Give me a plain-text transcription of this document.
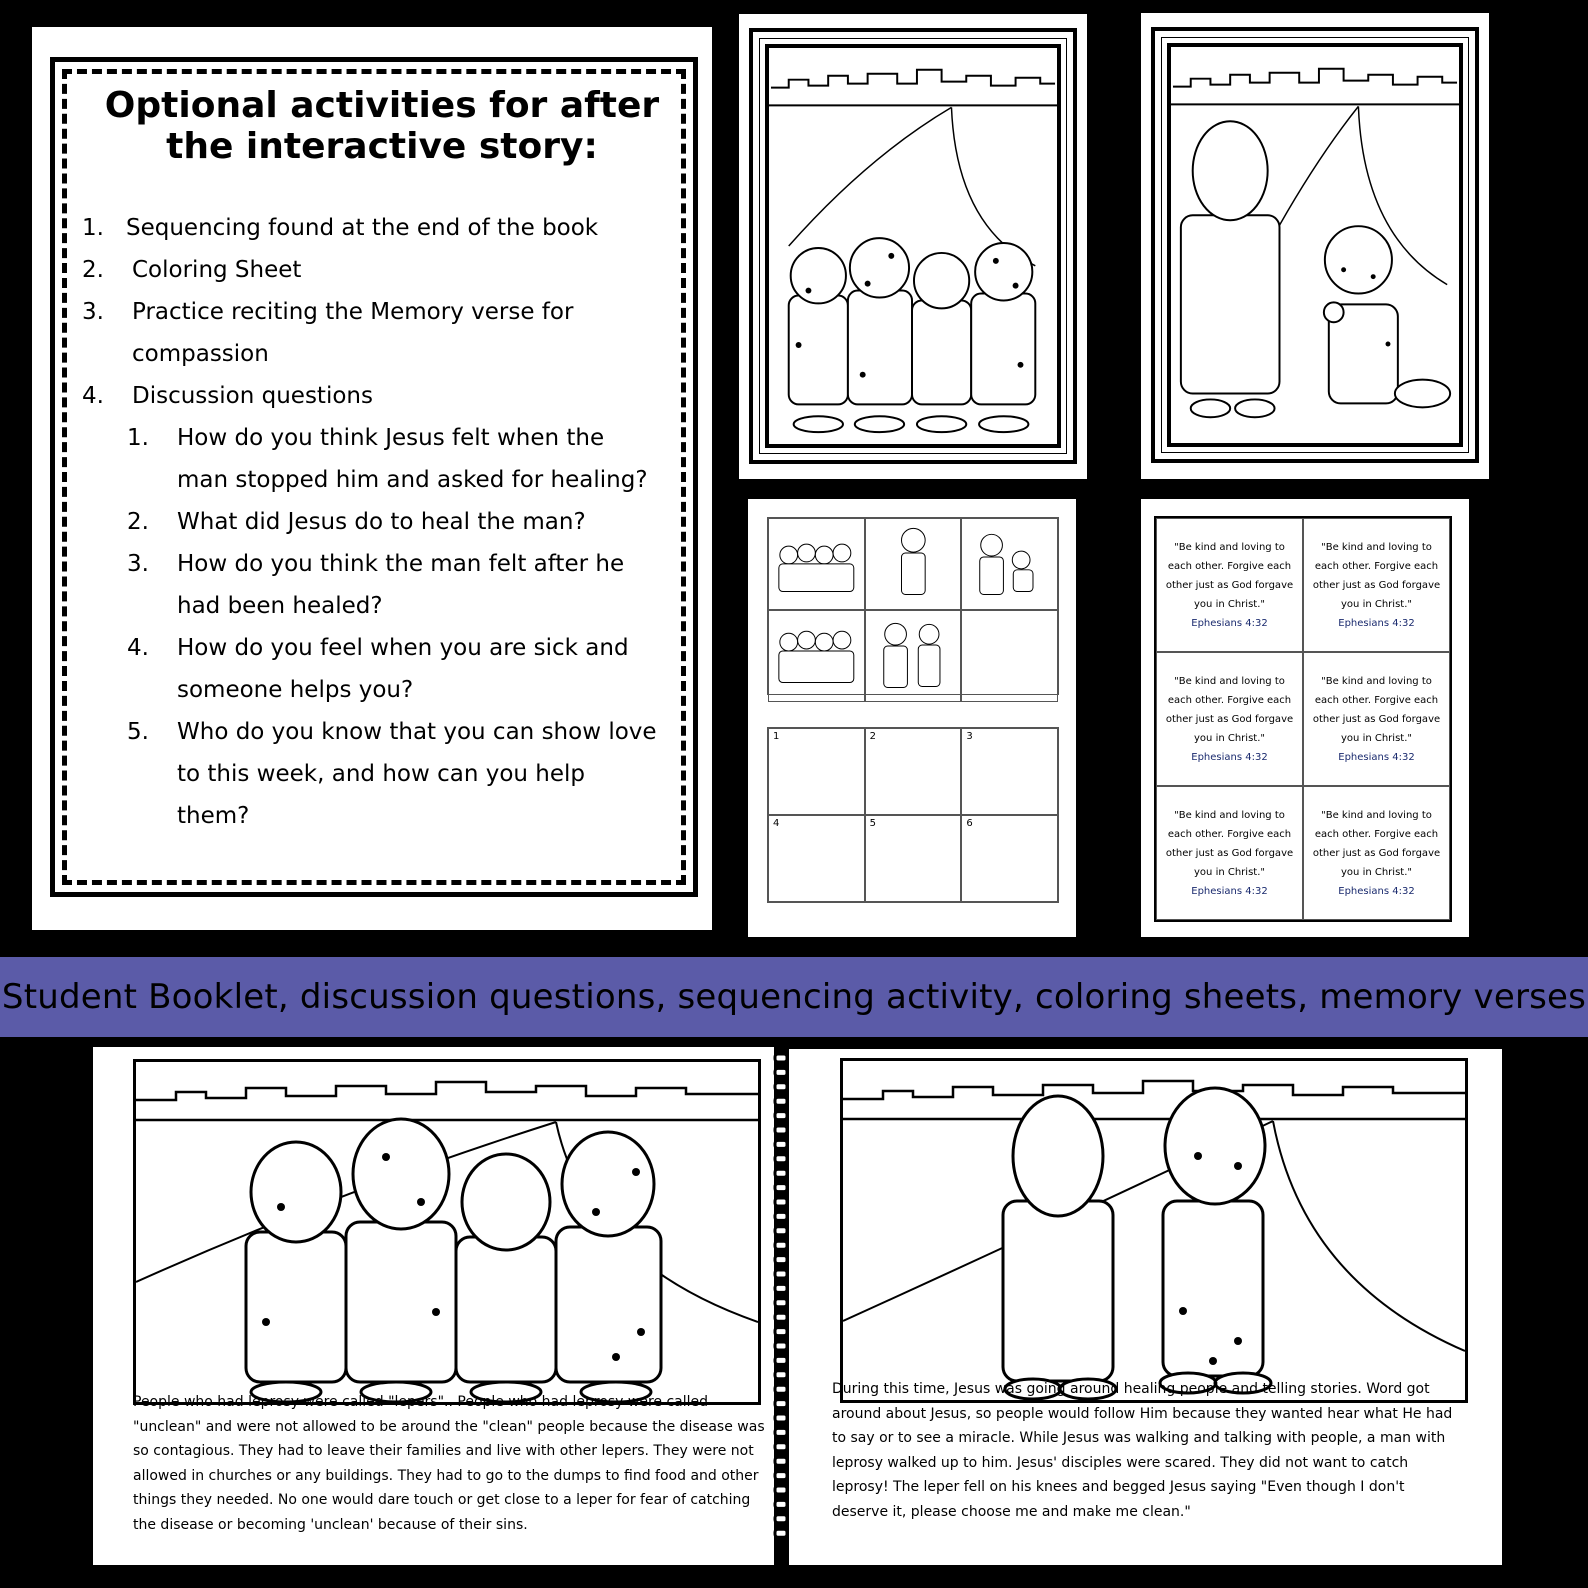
Optional activities for after
the interactive story:
1. Sequencing found at the end of the book
2. Coloring Sheet
3. Practice reciting the Memory verse for
compassion
4. Discussion questions
1.	How do you think Jesus felt when the
man stopped him and asked for healing?
2.	What did Jesus do to heal the man?
3.	How do you think the man felt after he
had been healed?
4.	How do you feel when you are sick and
someone helps you?
5.	Who do you know that you can show love
to this week, and how can you help
them?
1	2	3
4	5	6
"Be kind and loving to
each other. Forgive each
other just as God forgave
you in Christ."
Ephesians 4:32
"Be kind and loving to
each other. Forgive each
other just as God forgave
you in Christ."
Ephesians 4:32
"Be kind and loving to
each other. Forgive each
other just as God forgave
you in Christ."
Ephesians 4:32
"Be kind and loving to
each other. Forgive each
other just as God forgave
you in Christ."
Ephesians 4:32
"Be kind and loving to
each other. Forgive each
other just as God forgave
you in Christ."
Ephesians 4:32
"Be kind and loving to
each other. Forgive each
other just as God forgave
you in Christ."
Ephesians 4:32
Student Booklet, discussion questions, sequencing activity, coloring sheets, memory verses
People who had leprosy were called "lepers".. People who had leprosy were called
"unclean" and were not allowed to be around the "clean" people because the disease was
so contagious. They had to leave their families and live with other lepers. They were not
allowed in churches or any buildings. They had to go to the dumps to find food and other
things they needed. No one would dare touch or get close to a leper for fear of catching
the disease or becoming 'unclean' because of their sins.
During this time, Jesus was going around healing people and telling stories. Word got
around about Jesus, so people would follow Him because they wanted hear what He had
to say or to see a miracle. While Jesus was walking and talking with people, a man with
leprosy walked up to him. Jesus' disciples were scared. They did not want to catch
leprosy! The leper fell on his knees and begged Jesus saying "Even though I don't
deserve it, please choose me and make me clean."
